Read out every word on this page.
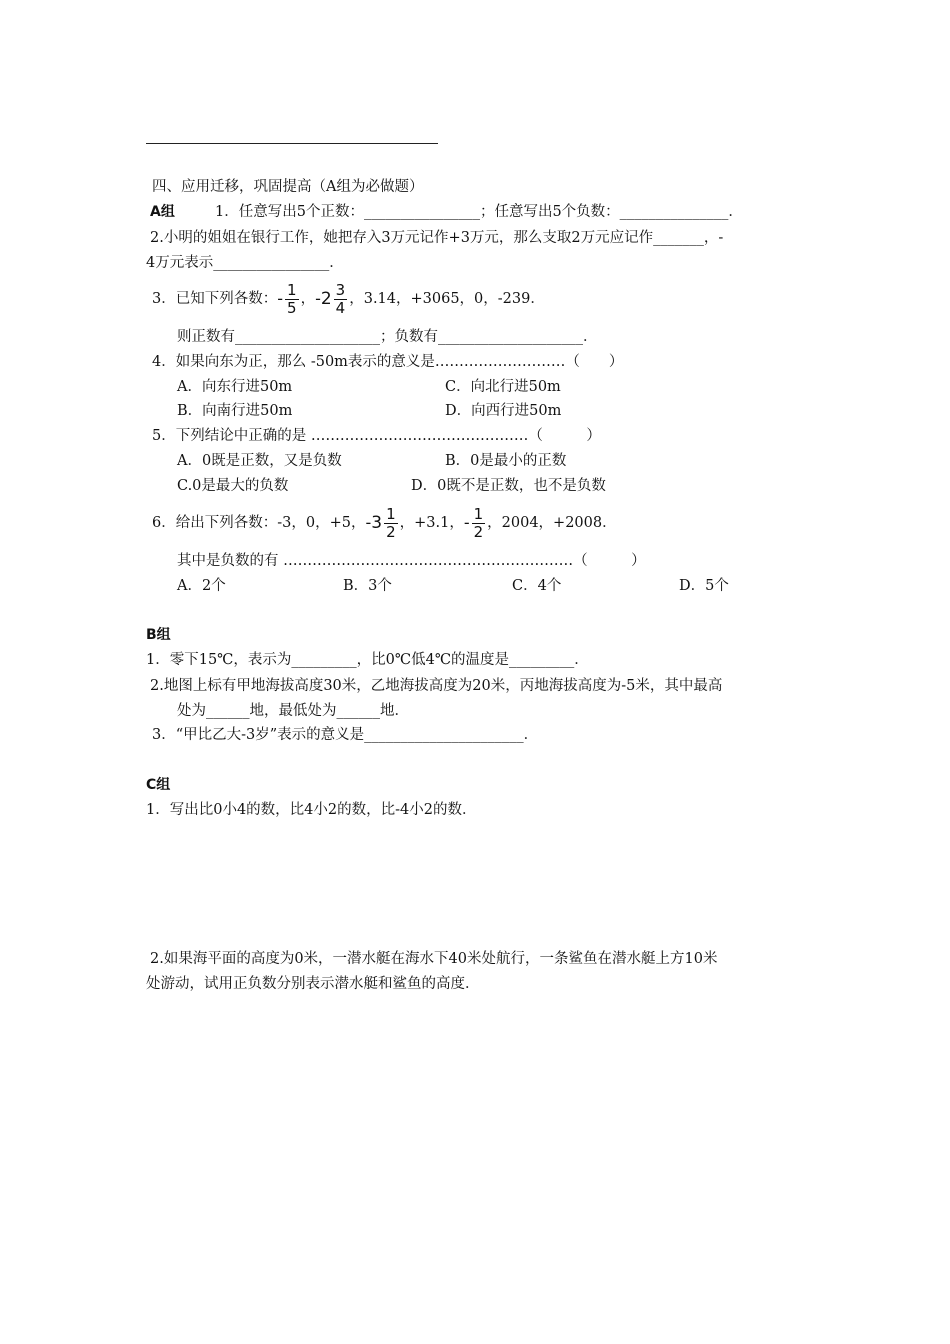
四、应用迁移，巩固提高（A组为必做题）
A组	1．任意写出5个正数：________________；任意写出5个负数：_______________．
2.小明的姐姐在银行工作，她把存入3万元记作+3万元，那么支取2万元应记作_______，-
4万元表示________________．
3．已知下列各数： - $\frac{1}{5}$ ， - $2 \frac{3}{4}$ ，3.14，+3065，0，-239．
则正数有____________________；负数有____________________．
4．如果向东为正，那么 -50m表示的意义是………………………（　　）
A．向东行进50m	C．向北行进50m
B．向南行进50m	D．向西行进50m
5．下列结论中正确的是 ………………………………………（　　　）
A．0既是正数，又是负数	B．0是最小的正数
C.0是最大的负数	D．0既不是正数，也不是负数
6．给出下列各数：-3，0，+5， - $3 \frac{1}{2}$ ，+3.1， - $\frac{1}{2}$ ，2004，+2008．
其中是负数的有 ……………………………………………………（　　　）
A．2个	B．3个	C．4个	D．5个
B组
1．零下15℃，表示为_________，比0℃低4℃的温度是_________．
2.地图上标有甲地海拔高度30米，乙地海拔高度为20米，丙地海拔高度为-5米，其中最高
处为______地，最低处为______地．
3．“甲比乙大-3岁”表示的意义是______________________．
C组
1．写出比0小4的数，比4小2的数，比-4小2的数．
2.如果海平面的高度为0米，一潜水艇在海水下40米处航行，一条鲨鱼在潜水艇上方10米
处游动，试用正负数分别表示潜水艇和鲨鱼的高度．
